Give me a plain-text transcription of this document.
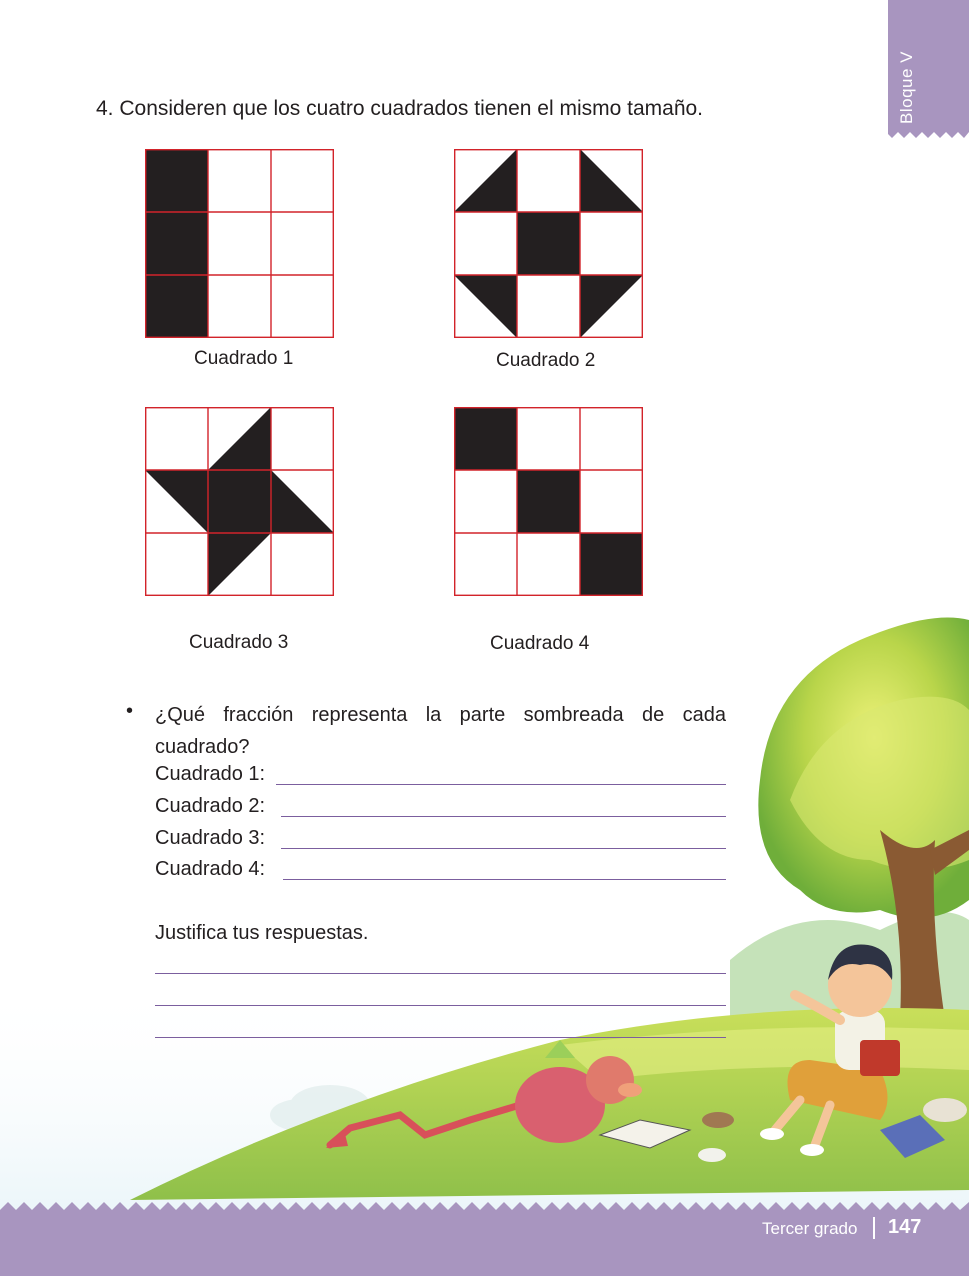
Bloque V
4. Consideren que los cuatro cuadrados tienen el mismo tamaño.
Cuadrado 1	Cuadrado 2
Cuadrado 3	Cuadrado 4
• ¿Qué fracción representa la parte sombreada de cada cuadrado?
Cuadrado 1:
Cuadrado 2:
Cuadrado 3:
Cuadrado 4:
Justifica tus respuestas.
Tercer grado 147
